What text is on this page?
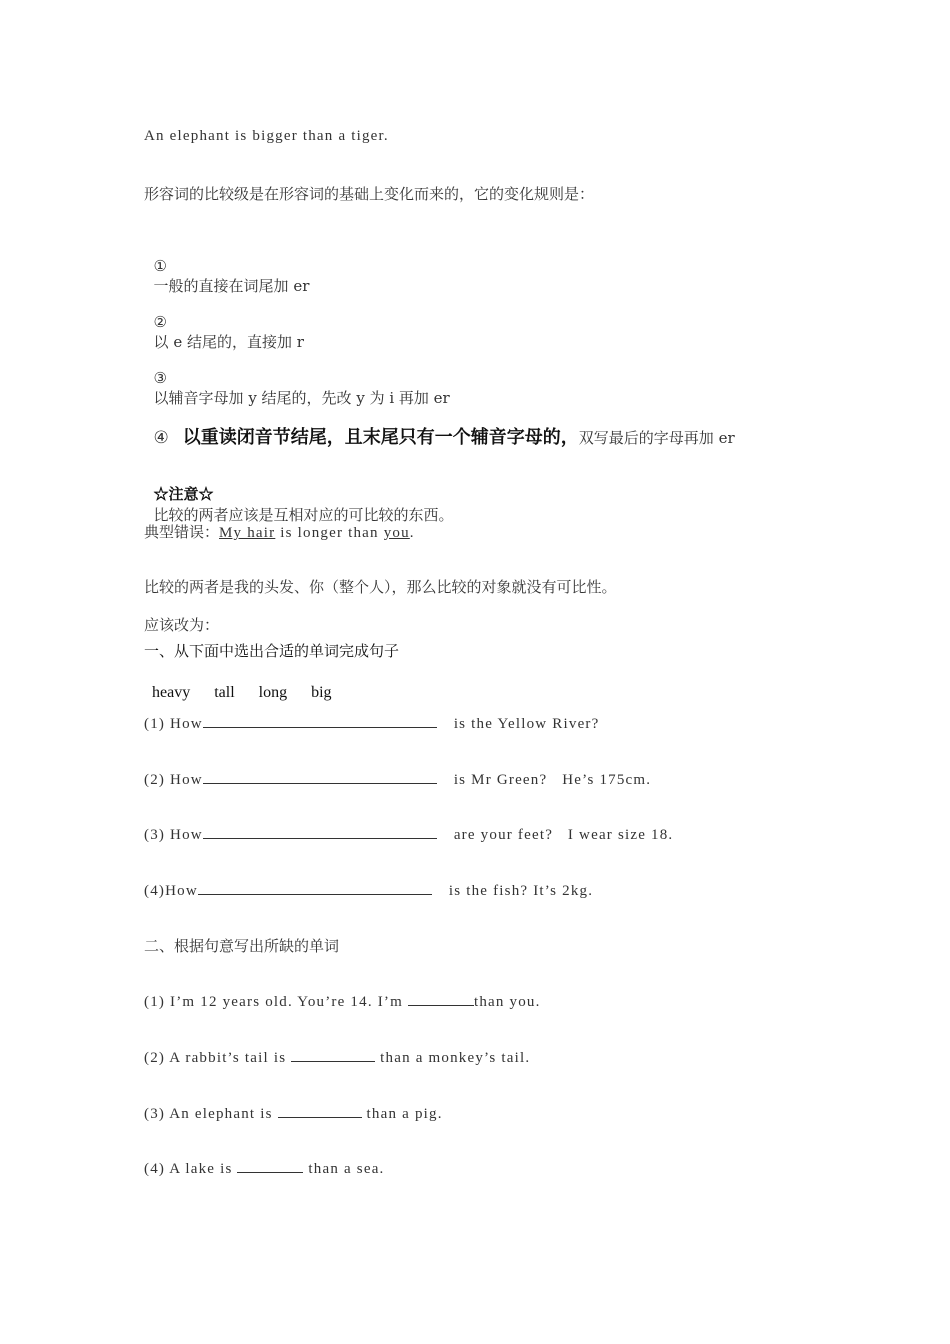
An elephant is bigger than a tiger.
形容词的比较级是在形容词的基础上变化而来的，它的变化规则是：

①
一般的直接在词尾加 er

②
以 e 结尾的，直接加 r

③
以辅音字母加 y 结尾的，先改 y 为 i 再加 er

④ 以重读闭音节结尾，且末尾只有一个辅音字母的，双写最后的字母再加 er

☆注意☆
比较的两者应该是互相对应的可比较的东西。

典型错误：My hair is longer than you.
比较的两者是我的头发、你（整个人），那么比较的对象就没有可比性。
应该改为：
一、从下面中选出合适的单词完成句子

heavy tall long big

(1) How	is the Yellow River?
(2) How	is Mr Green?   He’s 175cm.
(3) How	are your feet?   I wear size 18.
(4)How	is the fish? It’s 2kg.
二、根据句意写出所缺的单词
(1) I’m 12 years old. You’re 14. I’m	than you.
(2) A rabbit’s tail is	than a monkey’s tail.
(3) An elephant is	than a pig.
(4) A lake is	than a sea.
